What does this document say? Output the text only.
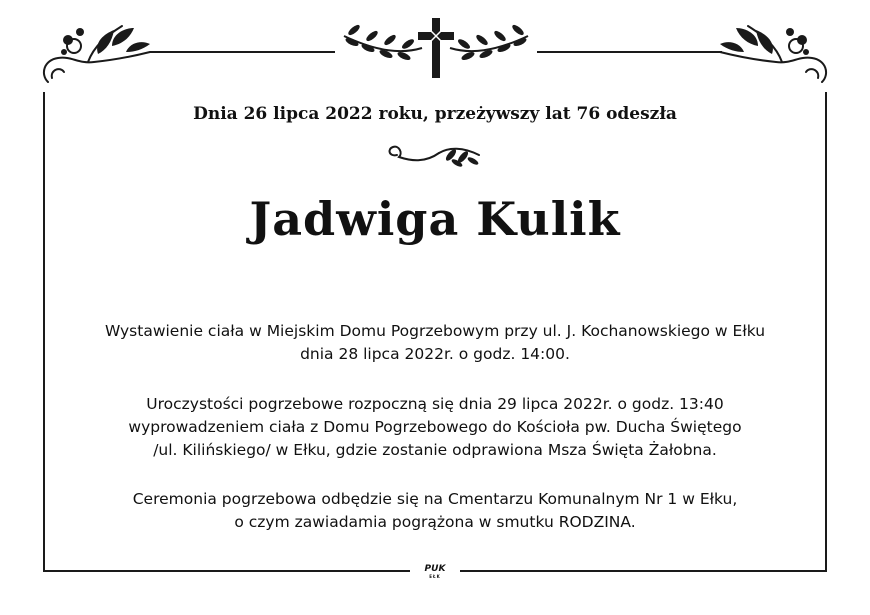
Dnia 26 lipca 2022 roku, przeżywszy lat 76 odeszła
Jadwiga Kulik
Wystawienie ciała w Miejskim Domu Pogrzebowym przy ul. J. Kochanowskiego w Ełku
dnia 28 lipca 2022r. o godz. 14:00.
Uroczystości pogrzebowe rozpoczną się dnia 29 lipca 2022r. o godz. 13:40
wyprowadzeniem ciała z Domu Pogrzebowego do Kościoła pw. Ducha Świętego
/ul. Kilińskiego/ w Ełku, gdzie zostanie odprawiona Msza Święta Żałobna.
Ceremonia pogrzebowa odbędzie się na Cmentarzu Komunalnym Nr 1 w Ełku,
o czym zawiadamia pogrążona w smutku RODZINA.
PUK
EŁK
